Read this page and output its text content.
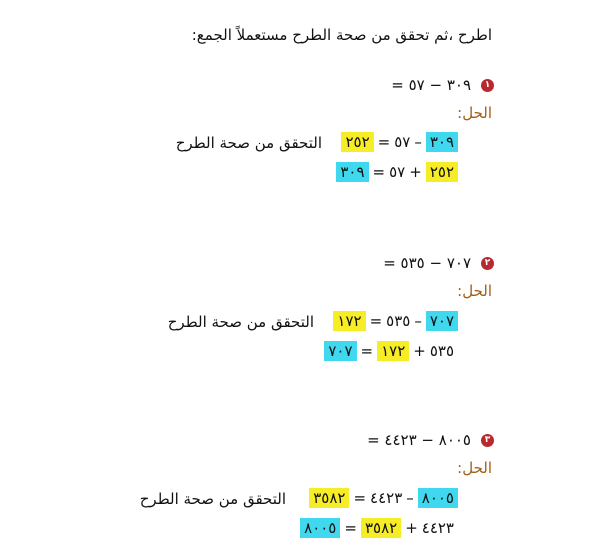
اطرح ،ثم تحقق من صحة الطرح مستعملاً الجمع:
١
٣٠٩ − ٥٧ =
الحل:
٣٠٩
–
٥٧
=
٢٥٢
التحقق من صحة الطرح
٢٥٢
+
٥٧
=
٣٠٩
٢
٧٠٧ − ٥٣٥ =
الحل:
٧٠٧
–
٥٣٥
=
١٧٢
التحقق من صحة الطرح
٥٣٥
+
١٧٢
=
٧٠٧
٣
٨٠٠٥ − ٤٤٢٣ =
الحل:
٨٠٠٥
–
٤٤٢٣
=
٣٥٨٢
التحقق من صحة الطرح
٤٤٢٣
+
٣٥٨٢
=
٨٠٠٥
